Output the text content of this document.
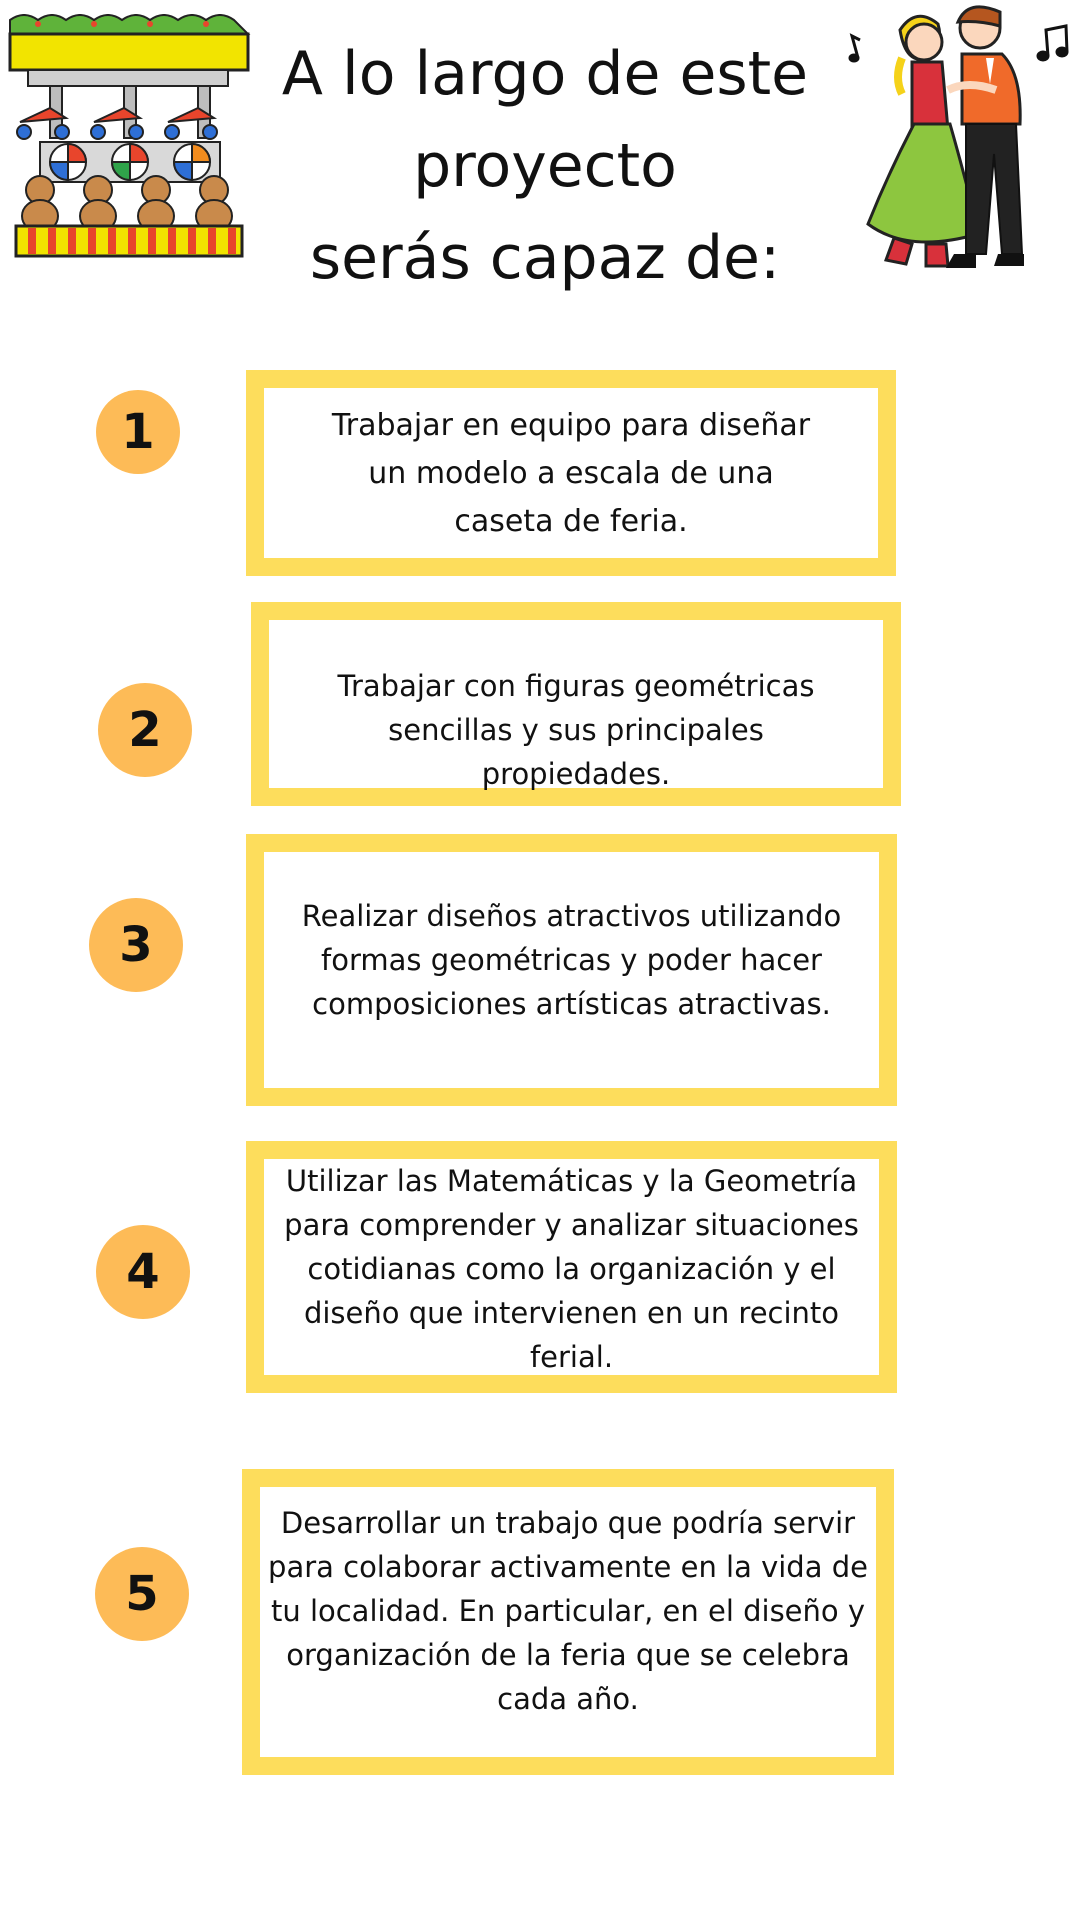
A lo largo de este
proyecto
serás capaz de:
1	Trabajar en equipo para diseñar un modelo a escala de una caseta de feria.

2

Trabajar con figuras geométricas sencillas y sus principales propiedades.

3

Realizar diseños atractivos utilizando formas geométricas y poder hacer composiciones artísticas atractivas.

4

Utilizar las Matemáticas y la Geometría para comprender y analizar situaciones cotidianas como la organización y el diseño que intervienen en un recinto ferial.

5

Desarrollar un trabajo que podría servir para colaborar activamente en la vida de tu localidad. En particular, en el diseño y organización de la feria que se celebra cada año.
